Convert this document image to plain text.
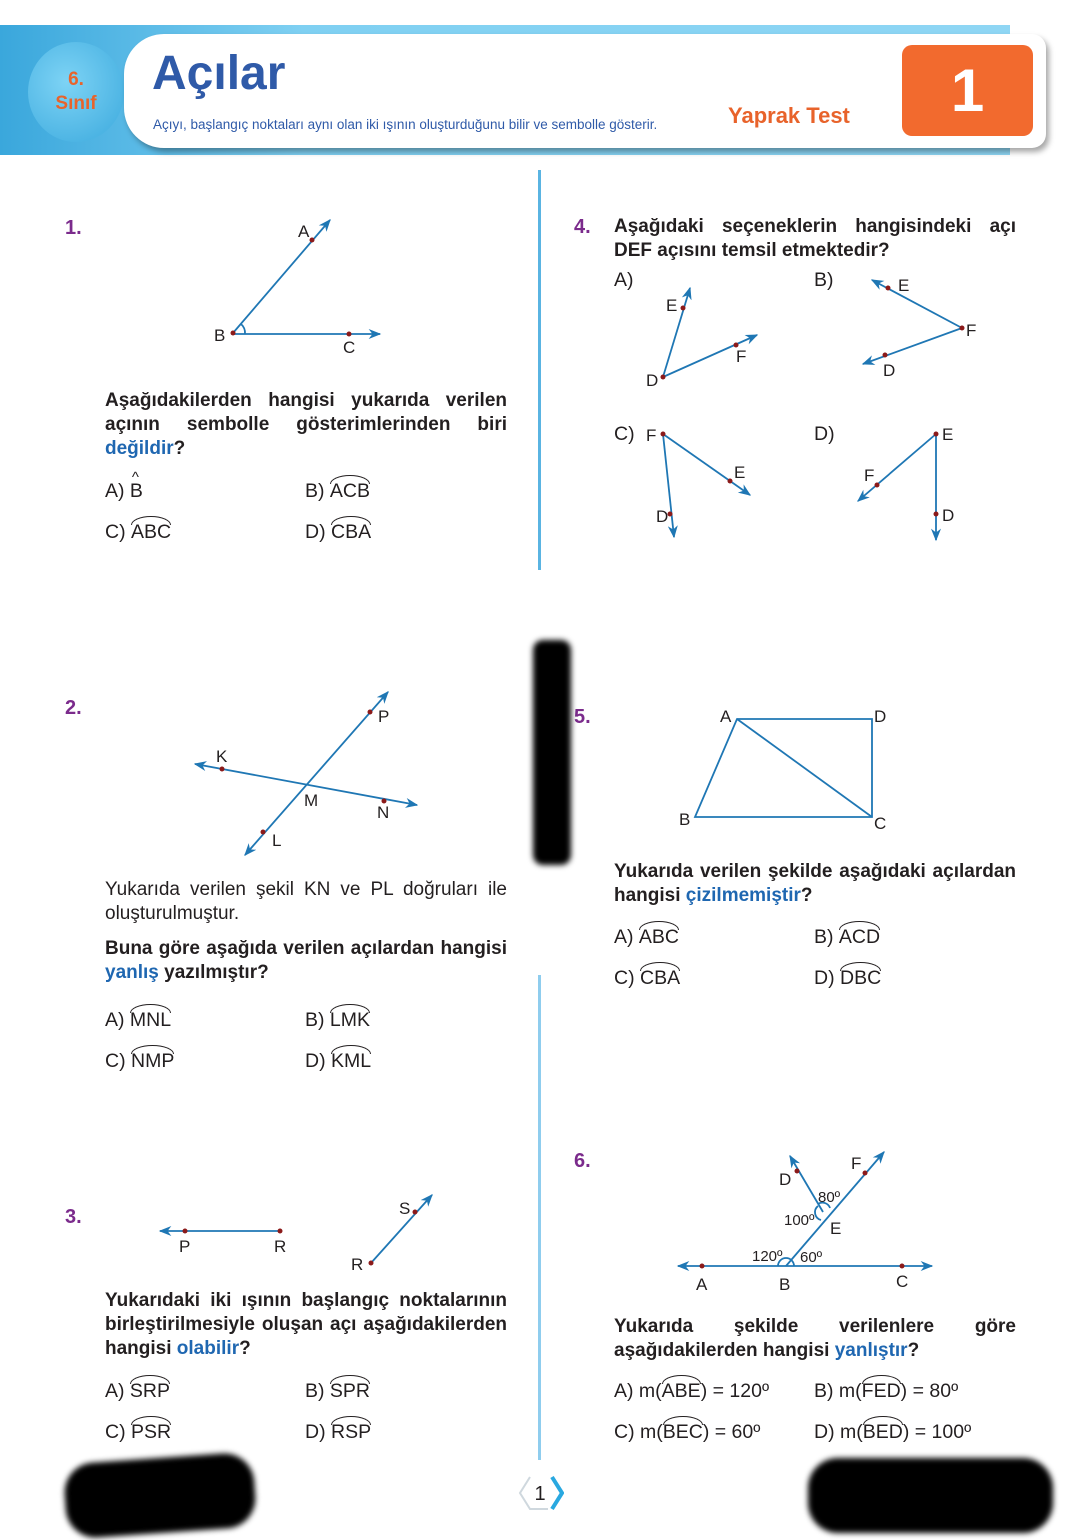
6.
Sınıf
Açılar
Açıyı, başlangıç noktaları aynı olan iki ışının oluşturduğunu bilir ve sembolle gösterir.	Yaprak Test	1
A
B
C
K
P
M
N
L
P	R
S
R
E
D
F
E
F
D
F
E
D
E
F
D
A	D
B	C
D
F
80º
100º E
120º 60º
A	B	C
1.
Aşağıdakilerden hangisi yukarıda verilen açının sembolle gösterimlerinden biri değildir?
A) ^ B	B) ACB
C) ABC	D) CBA
2.
Yukarıda verilen şekil KN ve PL doğruları ile oluşturulmuştur.
Buna göre aşağıda verilen açılardan hangisi yanlış yazılmıştır?
A) MNL	B) LMK
C) NMP	D) KML
3.
Yukarıdaki iki ışının başlangıç noktalarının birleştirilmesiyle oluşan açı aşağıdakilerden hangisi olabilir?
A) SRP	B) SPR
C) PSR	D) RSP
4. Aşağıdaki seçeneklerin hangisindeki açı DEF açısını temsil etmektedir?
A)	B)
C)	D)
5.
Yukarıda verilen şekilde aşağıdaki açılardan hangisi çizilmemiştir?
A) ABC	B) ACD
C) CBA	D) DBC
6.
Yukarıda şekilde verilenlere göre aşağıdakilerden hangisi yanlıştır?
A) m(ABE) = 120º B) m(FED) = 80º
C) m(BEC) = 60º	D) m(BED) = 100º
1
